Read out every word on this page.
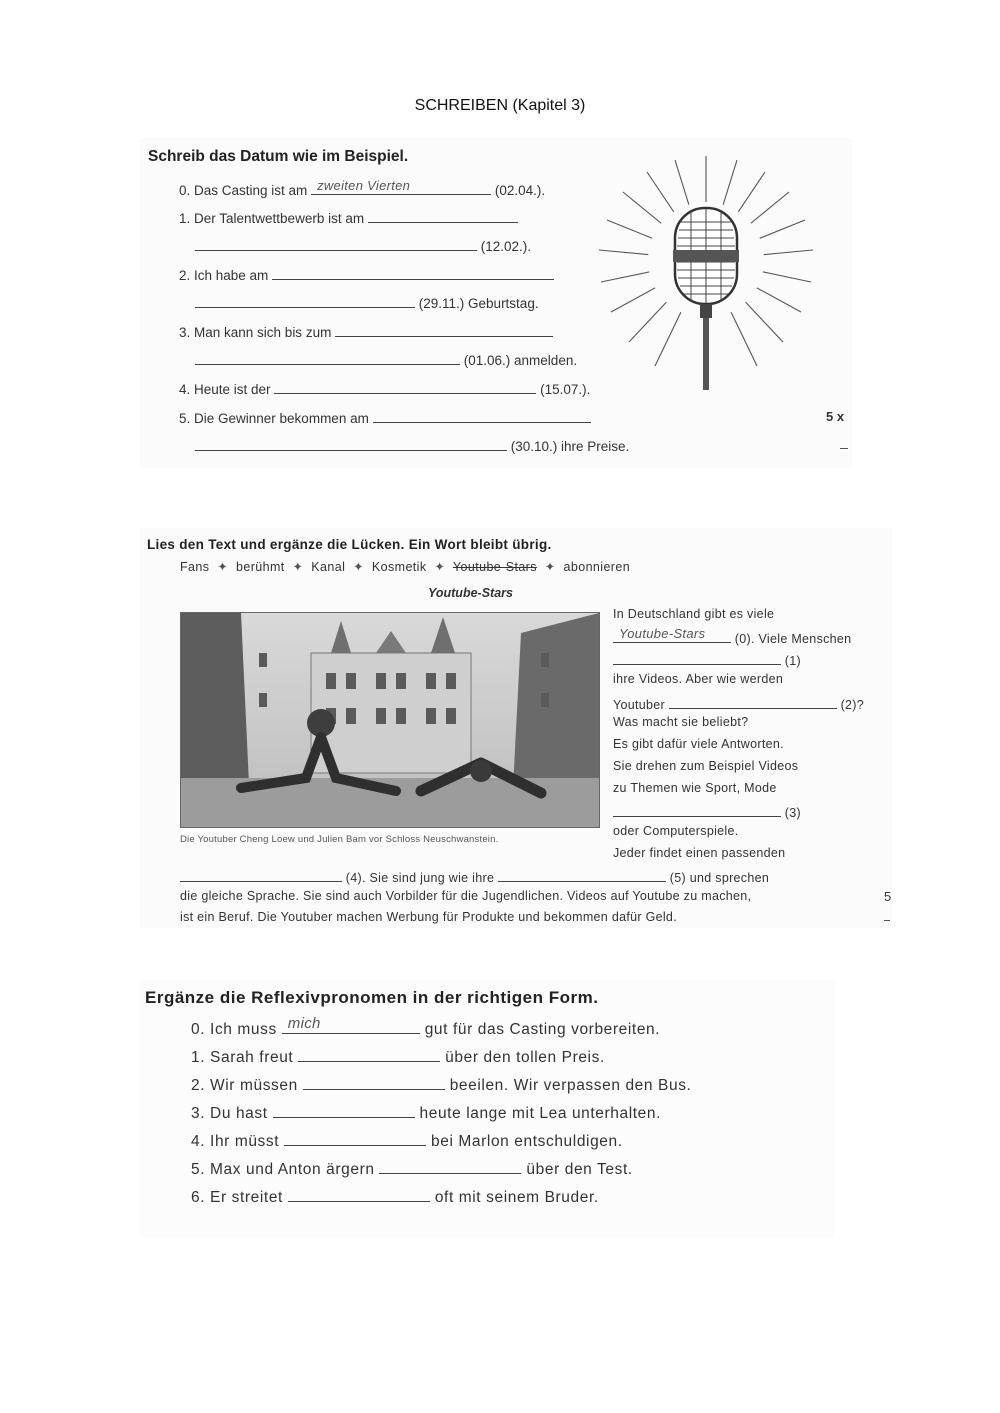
SCHREIBEN (Kapitel 3)
Schreib das Datum wie im Beispiel.
0. Das Casting ist am zweiten Vierten	(02.04.).
1. Der Talentwettbewerb ist am
(12.02.).
2. Ich habe am
(29.11.) Geburtstag.
3. Man kann sich bis zum
(01.06.) anmelden.
4. Heute ist der	(15.07.).
5. Die Gewinner bekommen am
(30.10.) ihre Preise.
5 x
Lies den Text und ergänze die Lücken. Ein Wort bleibt übrig.
Fans ✦ berühmt ✦ Kanal ✦ Kosmetik ✦ Youtube-Stars ✦ abonnieren
Youtube-Stars
Die Youtuber Cheng Loew und Julien Bam vor Schloss Neuschwanstein.
In Deutschland gibt es viele
Youtube-Stars (0). Viele Menschen
(1)
ihre Videos. Aber wie werden
Youtuber	(2)?
Was macht sie beliebt?
Es gibt dafür viele Antworten.
Sie drehen zum Beispiel Videos
zu Themen wie Sport, Mode
(3)
oder Computerspiele.
Jeder findet einen passenden
(4). Sie sind jung wie ihre	(5) und sprechen
die gleiche Sprache. Sie sind auch Vorbilder für die Jugendlichen. Videos auf Youtube zu machen,
ist ein Beruf. Die Youtuber machen Werbung für Produkte und bekommen dafür Geld.
5
Ergänze die Reflexivpronomen in der richtigen Form.
0. Ich muss mich	gut für das Casting vorbereiten.
1. Sarah freut	über den tollen Preis.
2. Wir müssen	beeilen. Wir verpassen den Bus.
3. Du hast	heute lange mit Lea unterhalten.
4. Ihr müsst	bei Marlon entschuldigen.
5. Max und Anton ärgern	über den Test.
6. Er streitet	oft mit seinem Bruder.
